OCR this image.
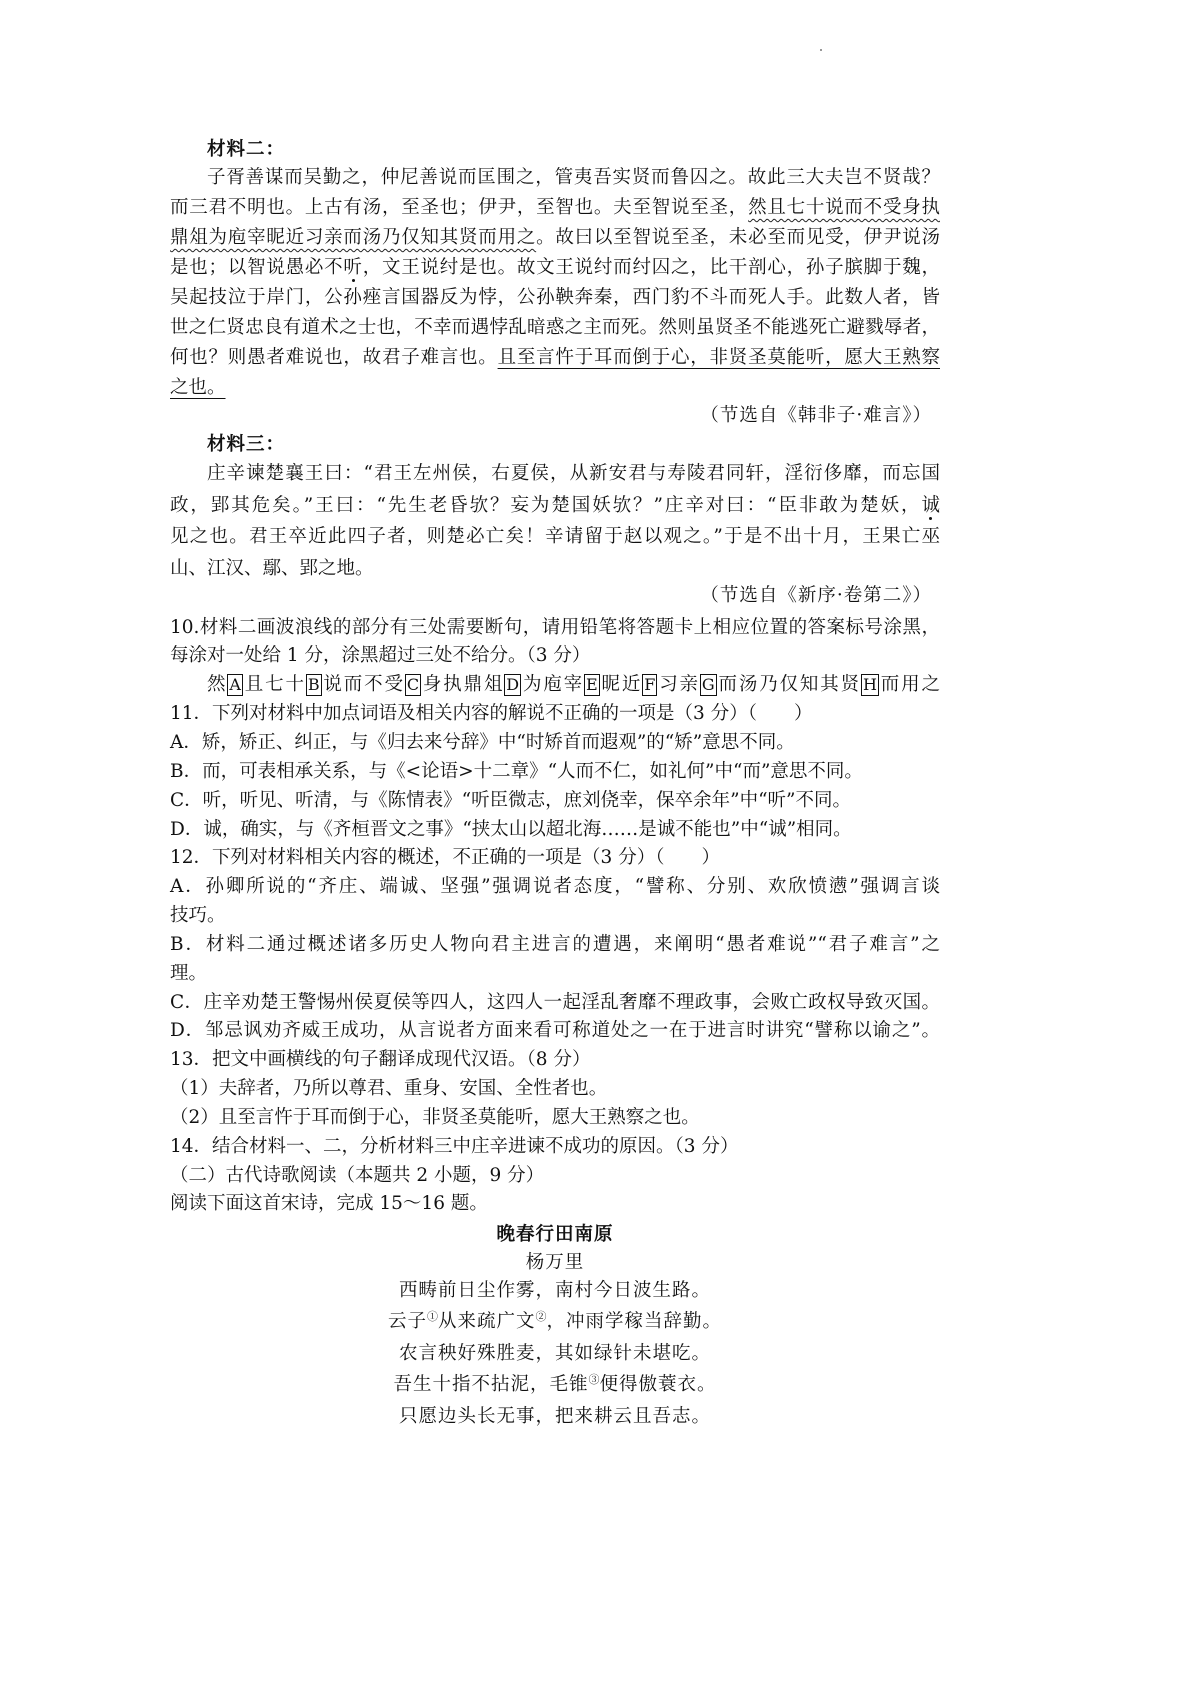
材料二：
子胥善谋而吴勤之，仲尼善说而匡围之，管夷吾实贤而鲁囚之。故此三大夫岂不贤哉？
而三君不明也。上古有汤，至圣也；伊尹，至智也。夫至智说至圣，然且七十说而不受身执
鼎俎为庖宰昵近习亲而汤乃仅知其贤而用之。故曰以至智说至圣，未必至而见受，伊尹说汤
是也；以智说愚必不听，文王说纣是也。故文王说纣而纣囚之，比干剖心，孙子膑脚于魏，
吴起技泣于岸门，公孙痤言国器反为悖，公孙鞅奔秦，西门豹不斗而死人手。此数人者，皆
世之仁贤忠良有道术之士也，不幸而遇悖乱暗惑之主而死。然则虽贤圣不能逃死亡避戮辱者，
何也？则愚者难说也，故君子难言也。且至言忤于耳而倒于心，非贤圣莫能听，愿大王熟察
之也。
（节选自《韩非子·难言》）
材料三：
庄辛谏楚襄王曰：“君王左州侯，右夏侯，从新安君与寿陵君同轩，淫衍侈靡，而忘国
政，郢其危矣。”王曰：“先生老昏欤？妄为楚国妖欤？”庄辛对曰：“臣非敢为楚妖，诚
见之也。君王卒近此四子者，则楚必亡矣！辛请留于赵以观之。”于是不出十月，王果亡巫
山、江汉、鄢、郢之地。
（节选自《新序·卷第二》）
10.材料二画波浪线的部分有三处需要断句，请用铅笔将答题卡上相应位置的答案标号涂黑，
每涂对一处给 1 分，涂黑超过三处不给分。（3 分）
然 A 且七十 B 说而不受 C 身执鼎俎 D 为庖宰 E 昵近 F 习亲 G 而汤乃仅知其贤 H 而用之
11．下列对材料中加点词语及相关内容的解说不正确的一项是（3 分）（　　）
A．矫，矫正、纠正，与《归去来兮辞》中“时矫首而遐观”的“矫”意思不同。
B．而，可表相承关系，与《<论语>十二章》“人而不仁，如礼何”中“而”意思不同。
C．听，听见、听清，与《陈情表》“听臣微志，庶刘侥幸，保卒余年”中“听”不同。
D．诚，确实，与《齐桓晋文之事》“挟太山以超北海……是诚不能也”中“诚”相同。
12．下列对材料相关内容的概述，不正确的一项是（3 分）（　　）
A．孙卿所说的“齐庄、端诚、坚强”强调说者态度，“譬称、分别、欢欣愤懑”强调言谈
技巧。
B．材料二通过概述诸多历史人物向君主进言的遭遇，来阐明“愚者难说”“君子难言”之
理。
C．庄辛劝楚王警惕州侯夏侯等四人，这四人一起淫乱奢靡不理政事，会败亡政权导致灭国。
D．邹忌讽劝齐威王成功，从言说者方面来看可称道处之一在于进言时讲究“譬称以谕之”。
13．把文中画横线的句子翻译成现代汉语。（8 分）
（1）夫辞者，乃所以尊君、重身、安国、全性者也。
（2）且至言忤于耳而倒于心，非贤圣莫能听，愿大王熟察之也。
14．结合材料一、二，分析材料三中庄辛进谏不成功的原因。（3 分）
（二）古代诗歌阅读（本题共 2 小题，9 分）
阅读下面这首宋诗，完成 15～16 题。
晚春行田南原
杨万里
西畴前日尘作雾，南村今日波生路。
云子①从来疏广文②，冲雨学稼当辞勤。
农言秧好殊胜麦，其如绿针未堪吃。
吾生十指不拈泥，毛锥③便得傲蓑衣。
只愿边头长无事，把来耕云且吾志。
